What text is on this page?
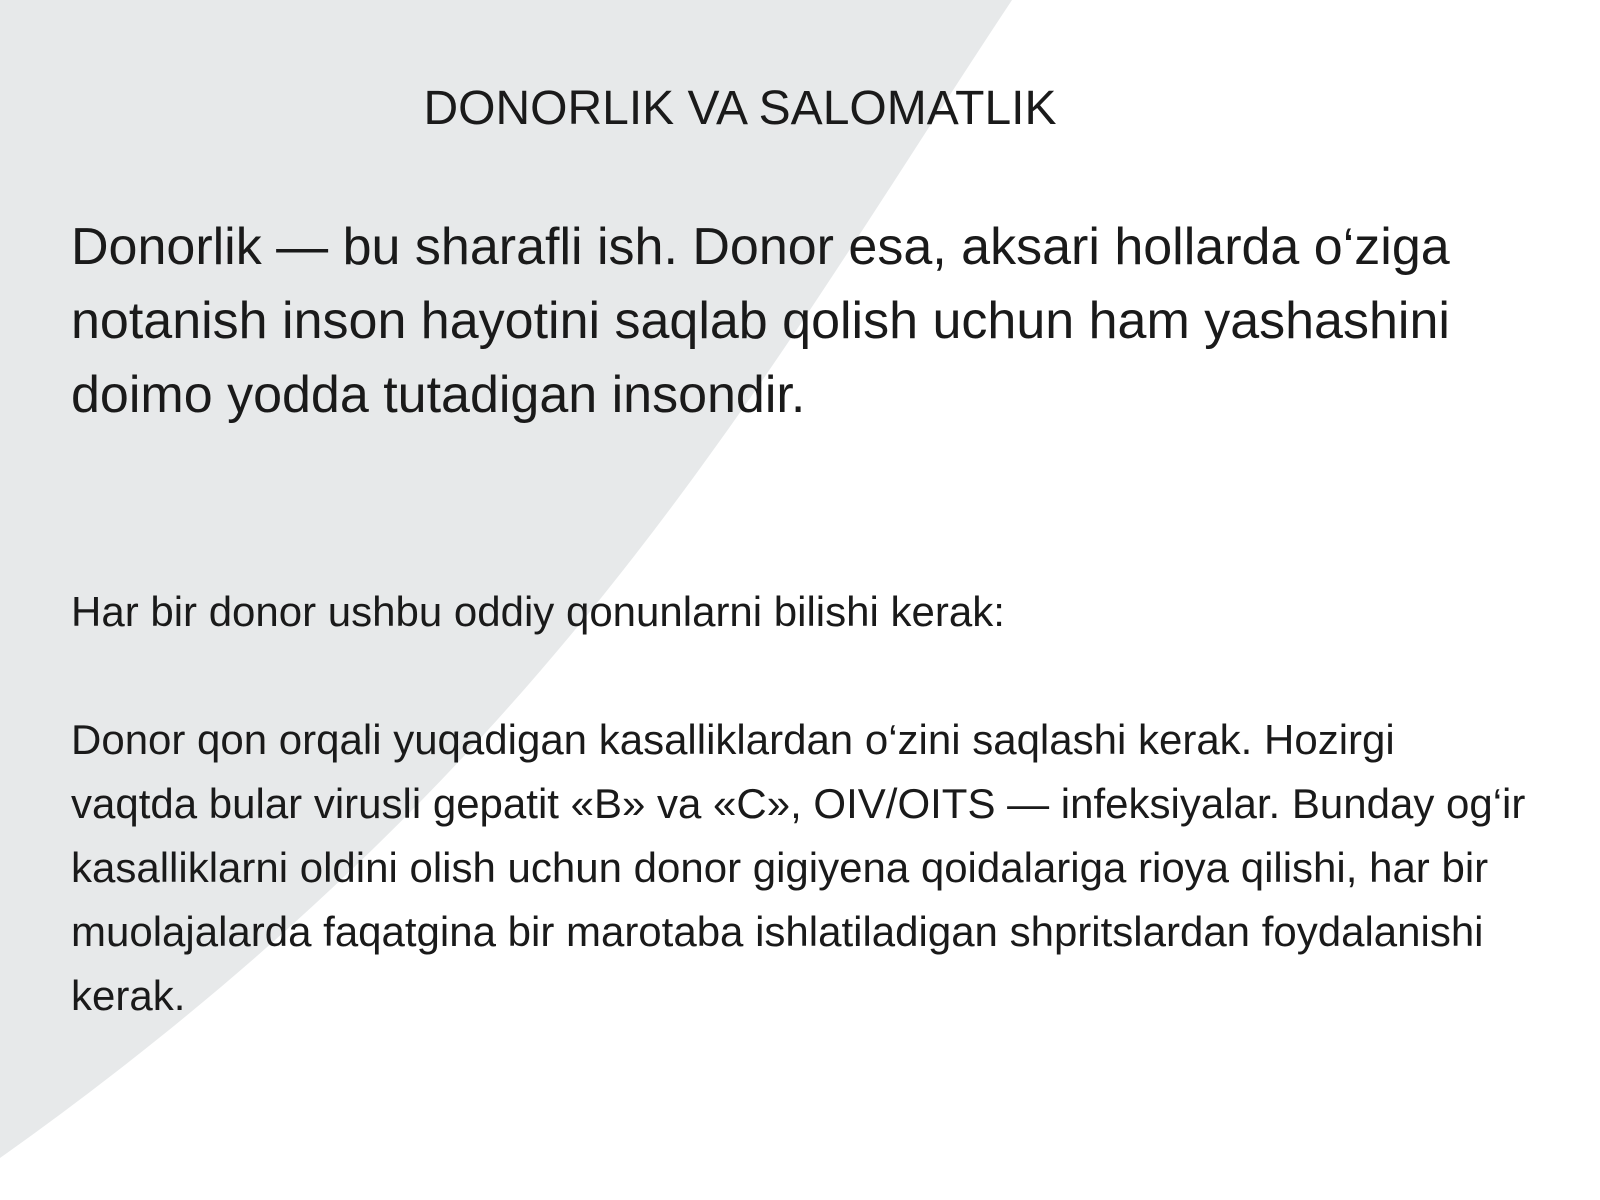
DONORLIK VA SALOMATLIK

Donorlik — bu sharafli ish. Donor esa, aksari hollarda o‘ziga notanish inson hayotini saqlab qolish uchun ham yashashini doimo yodda tutadigan insondir.

Har bir donor ushbu oddiy qonunlarni bilishi kerak:

Donor qon orqali yuqadigan kasalliklardan o‘zini saqlashi kerak. Hozirgi vaqtda bular virusli gepatit «B» va «C», OIV/OITS — infeksiyalar. Bunday og‘ir kasalliklarni oldini olish uchun donor gigiyena qoidalariga rioya qilishi, har bir muolajalarda faqatgina bir marotaba ishlatiladigan shpritslardan foydalanishi kerak.
